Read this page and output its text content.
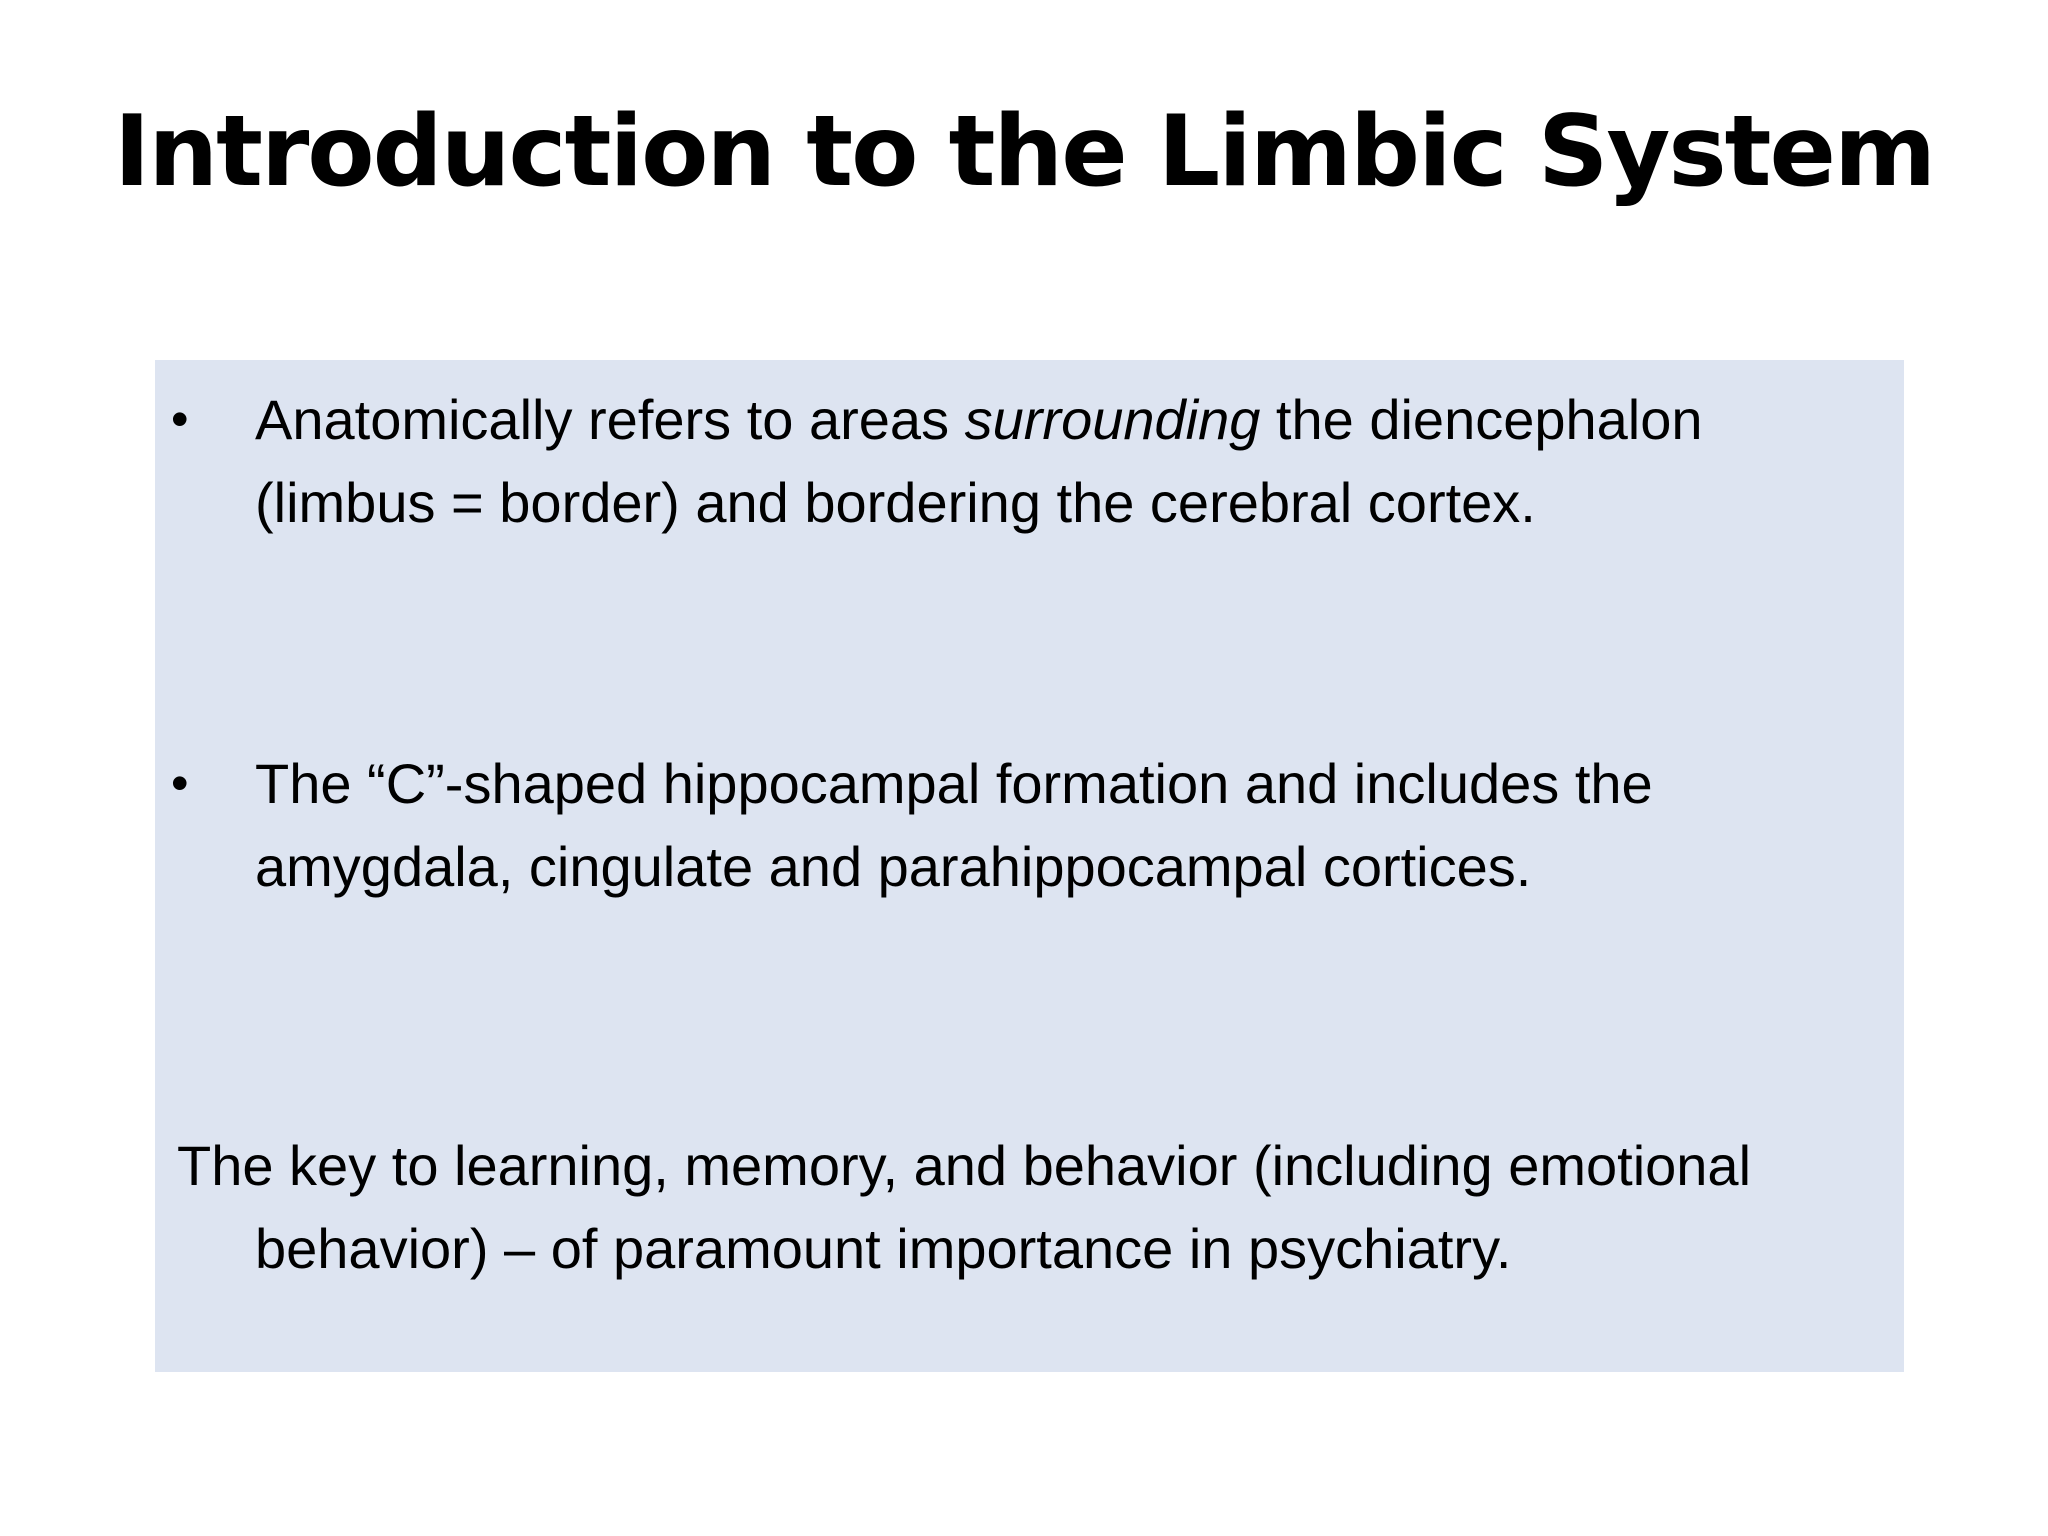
Introduction to the Limbic System
• Anatomically refers to areas surrounding the diencephalon (limbus = border) and bordering the cerebral cortex.
• The “C”-shaped hippocampal formation and includes the amygdala, cingulate and parahippocampal cortices.
The key to learning, memory, and behavior (including emotional behavior) – of paramount importance in psychiatry.
